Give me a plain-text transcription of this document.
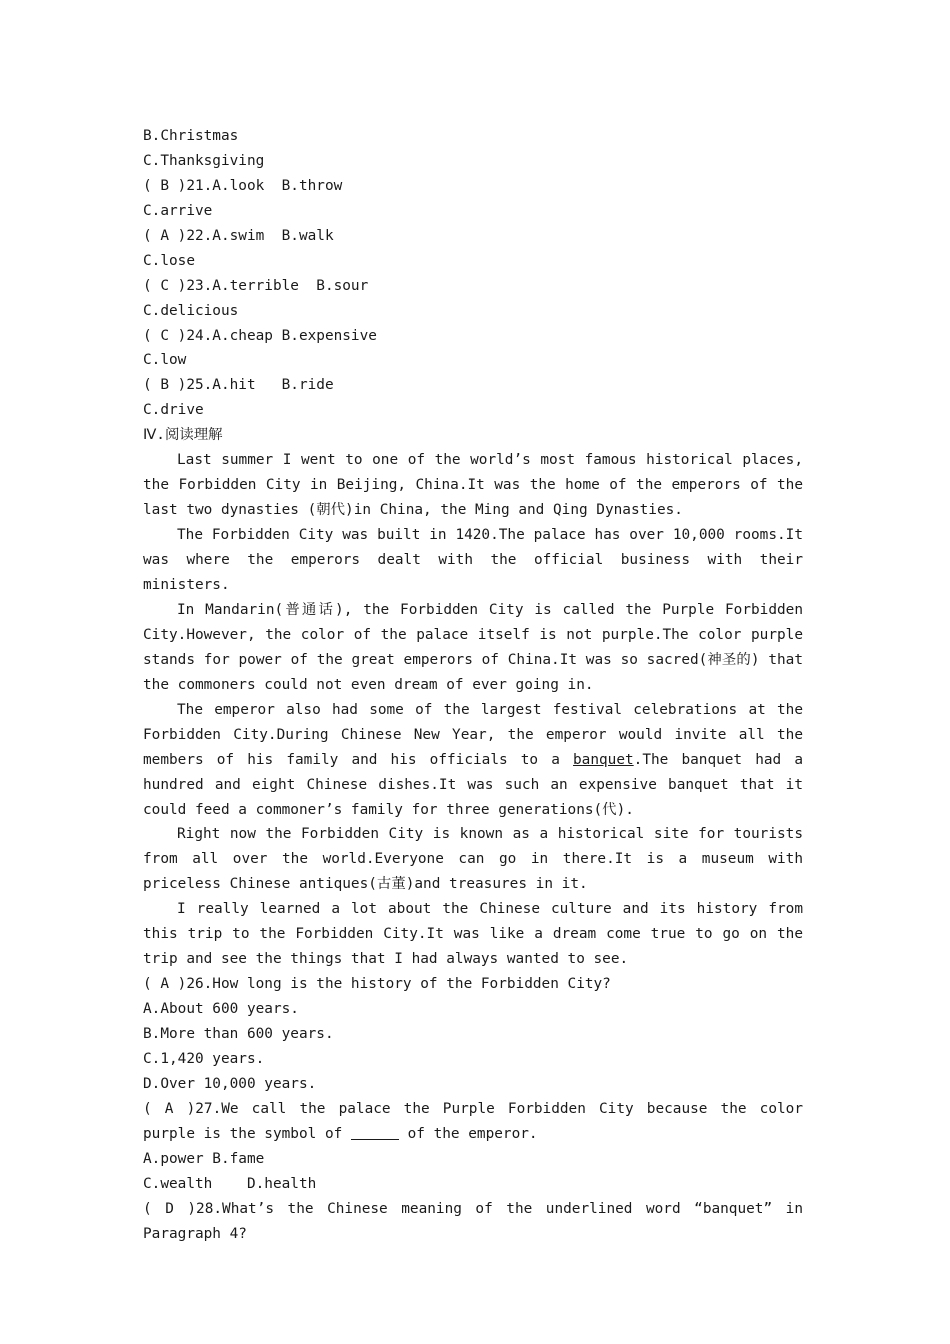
B.Christmas
C.Thanksgiving
( B )21.A.look  B.throw
C.arrive
( A )22.A.swim  B.walk
C.lose
( C )23.A.terrible  B.sour
C.delicious
( C )24.A.cheap B.expensive
C.low
( B )25.A.hit   B.ride
C.drive
Ⅳ.阅读理解

Last summer I went to one of the world’s most famous historical places, the Forbidden City in Beijing, China.It was the home of the emperors of the last two dynasties (朝代)in China, the Ming and Qing Dynasties.

The Forbidden City was built in 1420.The palace has over 10,000 rooms.It was where the emperors dealt with the official business with their ministers.

In Mandarin(普通话), the Forbidden City is called the Purple Forbidden City.However, the color of the palace itself is not purple.The color purple stands for power of the great emperors of China.It was so sacred(神圣的) that the commoners could not even dream of ever going in.

The emperor also had some of the largest festival celebrations at the Forbidden City.During Chinese New Year, the emperor would invite all the members of his family and his officials to a banquet.The banquet had a hundred and eight Chinese dishes.It was such an expensive banquet that it could feed a commoner’s family for three generations(代).

Right now the Forbidden City is known as a historical site for tourists from all over the world.Everyone can go in there.It is a museum with priceless Chinese antiques(古董)and treasures in it.

I really learned a lot about the Chinese culture and its history from this trip to the Forbidden City.It was like a dream come true to go on the trip and see the things that I had always wanted to see.

( A )26.How long is the history of the Forbidden City?
A.About 600 years.
B.More than 600 years.
C.1,420 years.
D.Over 10,000 years.

( A )27.We call the palace the Purple Forbidden City because the color purple is the symbol of	of the emperor.

A.power B.fame
C.wealth    D.health

( D )28.What’s the Chinese meaning of the underlined word “banquet” in Paragraph 4?
